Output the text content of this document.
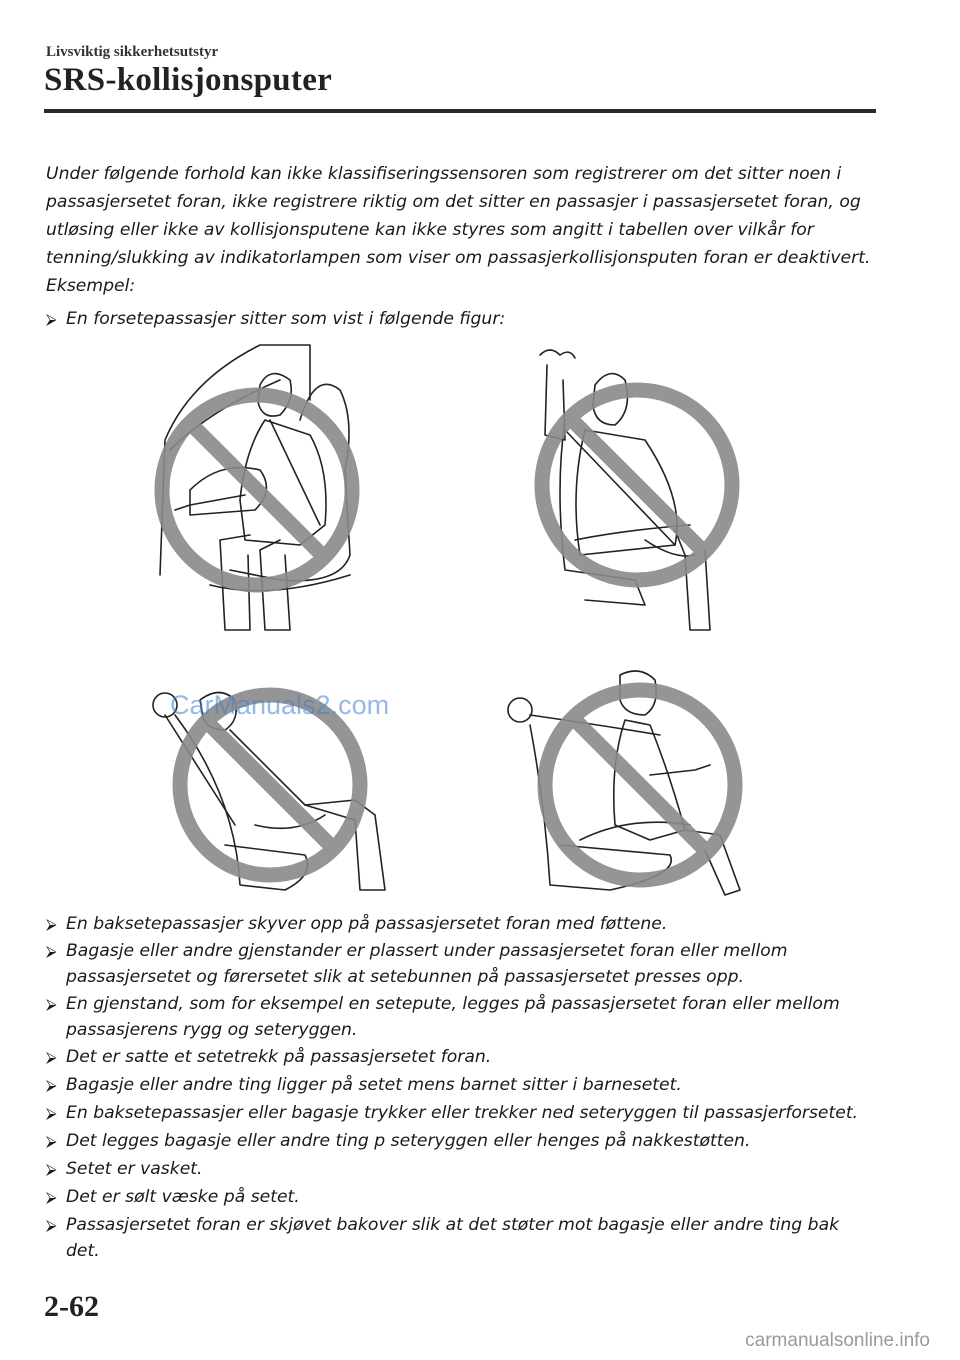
Livsviktig sikkerhetsutstyr
SRS-kollisjonsputer

Under følgende forhold kan ikke klassifiseringssensoren som registrerer om det sitter noen i passasjersetet foran, ikke registrere riktig om det sitter en passasjer i passasjersetet foran, og utløsing eller ikke av kollisjonsputene kan ikke styres som angitt i tabellen over vilkår for tenning/slukking av indikatorlampen som viser om passasjerkollisjonsputen foran er deaktivert. Eksempel:

⮚ En forsetepassasjer sitter som vist i følgende figur:
CarManuals2.com
⮚ En baksetepassasjer skyver opp på passasjersetet foran med føttene.
⮚ Bagasje eller andre gjenstander er plassert under passasjersetet foran eller mellom passasjersetet og førersetet slik at setebunnen på passasjersetet presses opp.
⮚ En gjenstand, som for eksempel en setepute, legges på passasjersetet foran eller mellom passasjerens rygg og seteryggen.
⮚ Det er satte et setetrekk på passasjersetet foran.
⮚ Bagasje eller andre ting ligger på setet mens barnet sitter i barnesetet.
⮚ En baksetepassasjer eller bagasje trykker eller trekker ned seteryggen til passasjerforsetet.
⮚ Det legges bagasje eller andre ting p seteryggen eller henges på nakkestøtten.
⮚ Setet er vasket.
⮚ Det er sølt væske på setet.
⮚ Passasjersetet foran er skjøvet bakover slik at det støter mot bagasje eller andre ting bak det.
2-62
carmanualsonline.info
